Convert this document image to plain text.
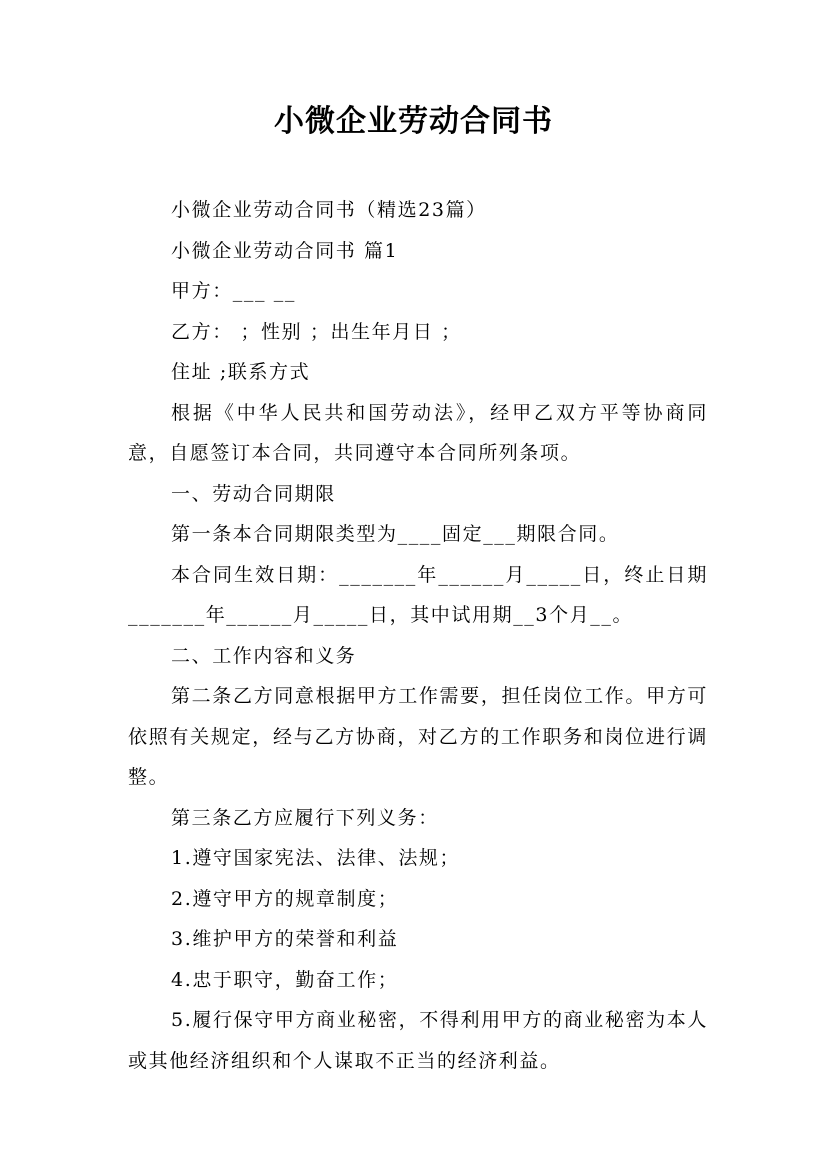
小微企业劳动合同书

小微企业劳动合同书（精选23篇）

小微企业劳动合同书 篇1

甲方：___ __

乙方： ；性别 ；出生年月日 ；

住址 ;联系方式

根据《中华人民共和国劳动法》，经甲乙双方平等协商同意，自愿签订本合同，共同遵守本合同所列条项。

一、劳动合同期限

第一条本合同期限类型为____固定___期限合同。

本合同生效日期：_______年______月_____日，终止日期_______年______月_____日，其中试用期__3个月__。

二、工作内容和义务

第二条乙方同意根据甲方工作需要，担任岗位工作。甲方可依照有关规定，经与乙方协商，对乙方的工作职务和岗位进行调整。

第三条乙方应履行下列义务：

1.遵守国家宪法、法律、法规；

2.遵守甲方的规章制度；

3.维护甲方的荣誉和利益

4.忠于职守，勤奋工作；

5.履行保守甲方商业秘密，不得利用甲方的商业秘密为本人或其他经济组织和个人谋取不正当的经济利益。
